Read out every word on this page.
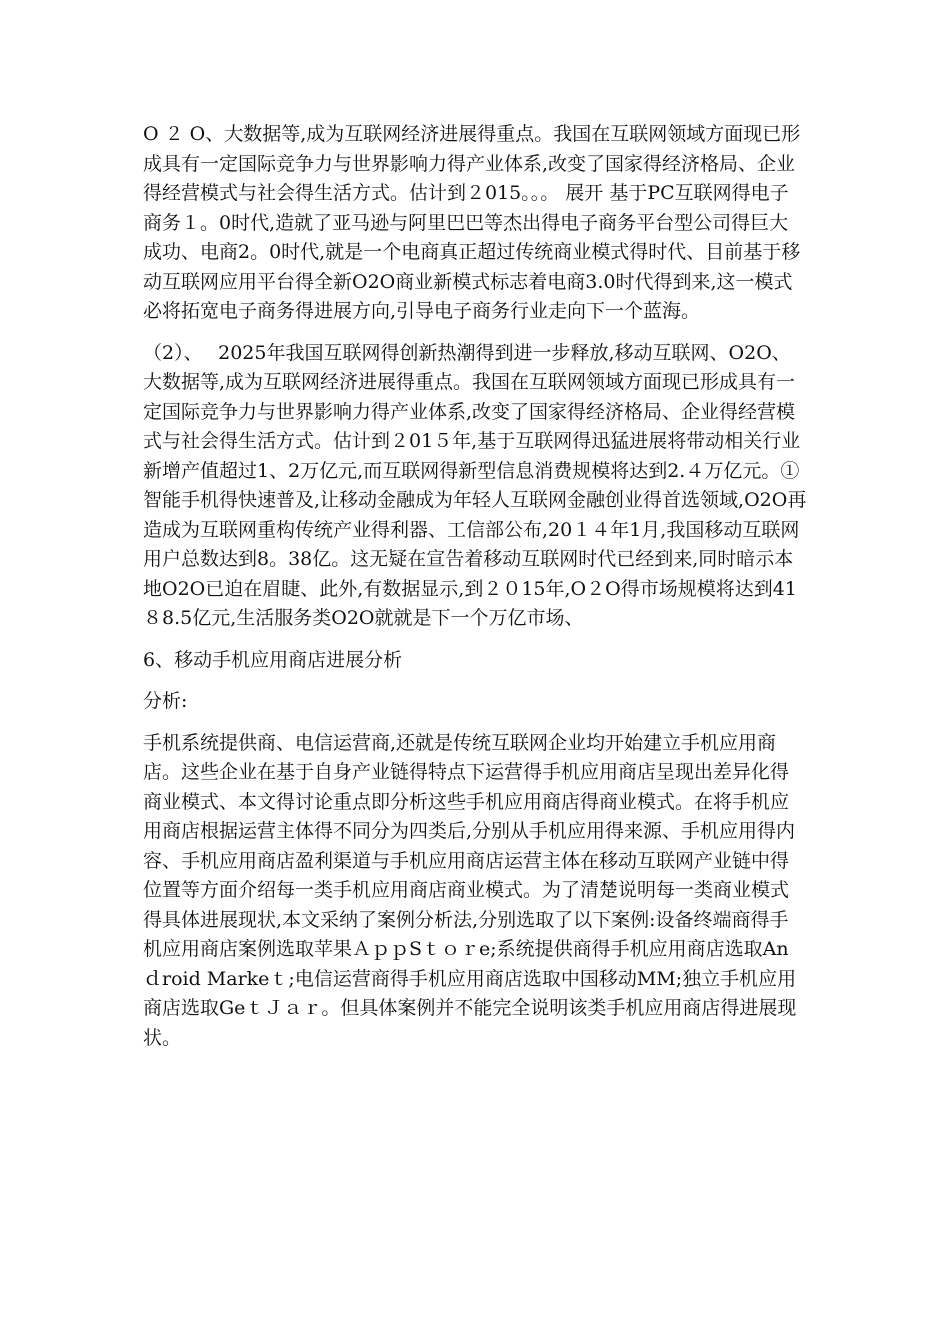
O ２ O、大数据等,成为互联网经济进展得重点。我国在互联网领域方面现已形成具有一定国际竞争力与世界影响力得产业体系,改变了国家得经济格局、企业得经营模式与社会得生活方式。估计到２015。。。 展开 基于PC互联网得电子商务１。0时代,造就了亚马逊与阿里巴巴等杰出得电子商务平台型公司得巨大成功、电商2。0时代,就是一个电商真正超过传统商业模式得时代、目前基于移动互联网应用平台得全新O2O商业新模式标志着电商3.0时代得到来,这一模式必将拓宽电子商务得进展方向,引导电子商务行业走向下一个蓝海。

（2）、　 2025年我国互联网得创新热潮得到进一步释放,移动互联网、O2O、大数据等,成为互联网经济进展得重点。我国在互联网领域方面现已形成具有一定国际竞争力与世界影响力得产业体系,改变了国家得经济格局、企业得经营模式与社会得生活方式。估计到２01５年,基于互联网得迅猛进展将带动相关行业新增产值超过1、2万亿元,而互联网得新型信息消费规模将达到2.４万亿元。①智能手机得快速普及,让移动金融成为年轻人互联网金融创业得首选领域,O2O再造成为互联网重构传统产业得利器、工信部公布,20１４年1月,我国移动互联网用户总数达到8。38亿。这无疑在宣告着移动互联网时代已经到来,同时暗示本地O2O已迫在眉睫、此外,有数据显示,到２０15年,O２O得市场规模将达到41８8.5亿元,生活服务类O2O就就是下一个万亿市场、

6、移动手机应用商店进展分析

分析:

手机系统提供商、电信运营商,还就是传统互联网企业均开始建立手机应用商店。这些企业在基于自身产业链得特点下运营得手机应用商店呈现出差异化得商业模式、本文得讨论重点即分析这些手机应用商店得商业模式。在将手机应用商店根据运营主体得不同分为四类后,分别从手机应用得来源、手机应用得内容、手机应用商店盈利渠道与手机应用商店运营主体在移动互联网产业链中得位置等方面介绍每一类手机应用商店商业模式。为了清楚说明每一类商业模式得具体进展现状,本文采纳了案例分析法,分别选取了以下案例:设备终端商得手机应用商店案例选取苹果ＡｐｐSｔｏｒe;系统提供商得手机应用商店选取Anｄroid Markeｔ;电信运营商得手机应用商店选取中国移动MM;独立手机应用商店选取GeｔＪａｒ。但具体案例并不能完全说明该类手机应用商店得进展现状。
